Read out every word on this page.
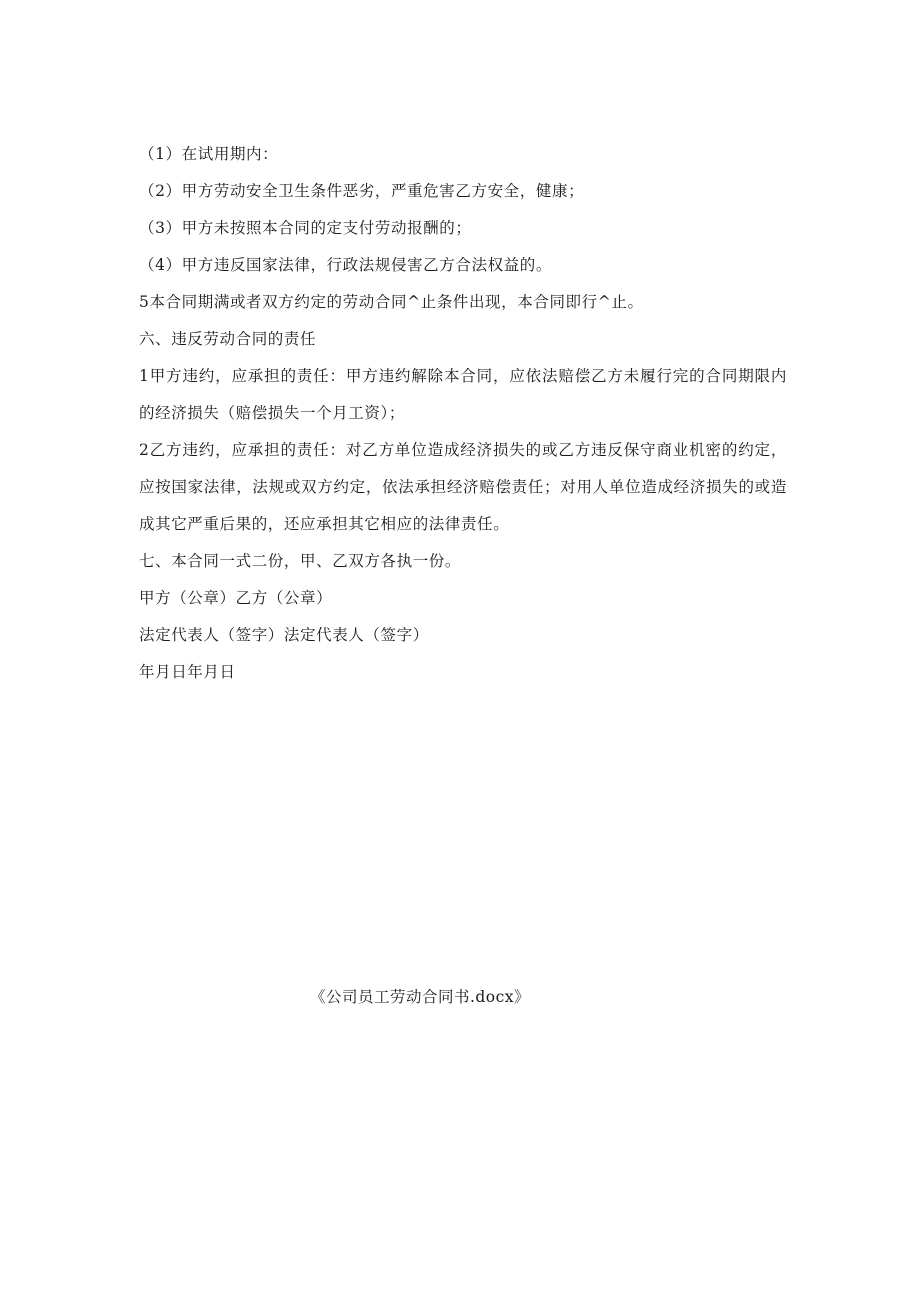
（1）在试用期内：

（2）甲方劳动安全卫生条件恶劣，严重危害乙方安全，健康；

（3）甲方未按照本合同的定支付劳动报酬的；

（4）甲方违反国家法律，行政法规侵害乙方合法权益的。

5本合同期满或者双方约定的劳动合同^止条件出现，本合同即行^止。

六、违反劳动合同的责任

1甲方违约，应承担的责任：甲方违约解除本合同，应依法赔偿乙方未履行完的合同期限内的经济损失（赔偿损失一个月工资）；

2乙方违约，应承担的责任：对乙方单位造成经济损失的或乙方违反保守商业机密的约定，应按国家法律，法规或双方约定，依法承担经济赔偿责任；对用人单位造成经济损失的或造成其它严重后果的，还应承担其它相应的法律责任。

七、本合同一式二份，甲、乙双方各执一份。

甲方（公章）乙方（公章）

法定代表人（签字）法定代表人（签字）

年月日年月日

《公司员工劳动合同书.docx》
